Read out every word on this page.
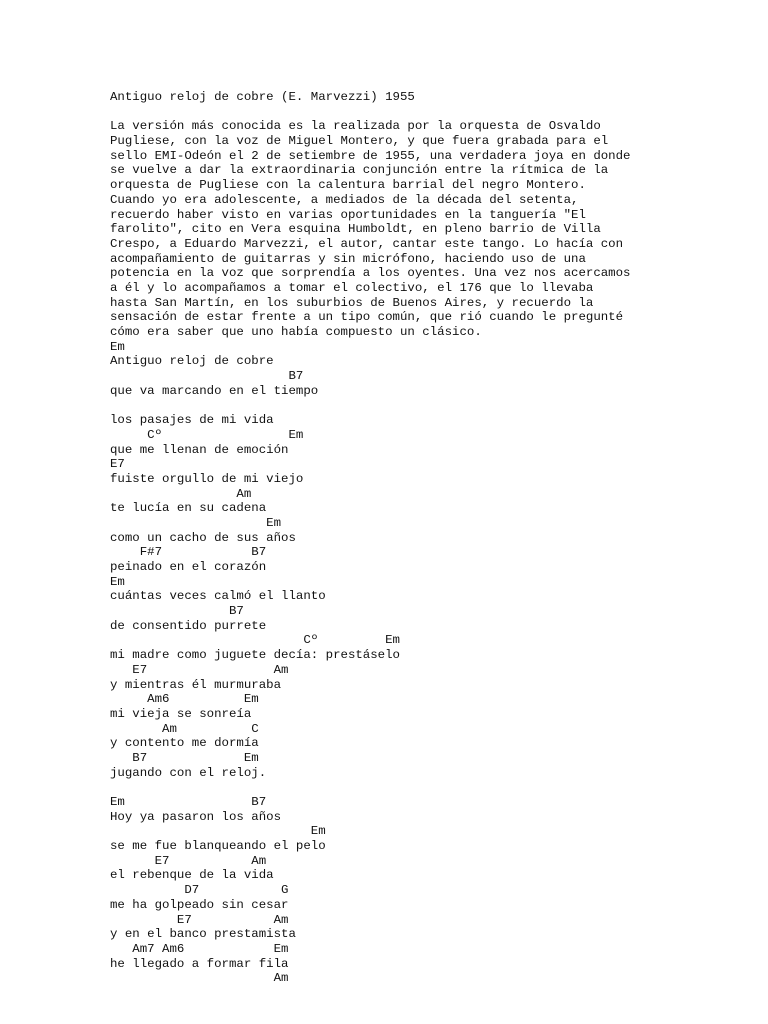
Antiguo reloj de cobre (E. Marvezzi) 1955
La versión más conocida es la realizada por la orquesta de Osvaldo
Pugliese, con la voz de Miguel Montero, y que fuera grabada para el
sello EMI-Odeón el 2 de setiembre de 1955, una verdadera joya en donde
se vuelve a dar la extraordinaria conjunción entre la rítmica de la
orquesta de Pugliese con la calentura barrial del negro Montero.
Cuando yo era adolescente, a mediados de la década del setenta,
recuerdo haber visto en varias oportunidades en la tanguería "El
farolito", cito en Vera esquina Humboldt, en pleno barrio de Villa
Crespo, a Eduardo Marvezzi, el autor, cantar este tango. Lo hacía con
acompañamiento de guitarras y sin micrófono, haciendo uso de una
potencia en la voz que sorprendía a los oyentes. Una vez nos acercamos
a él y lo acompañamos a tomar el colectivo, el 176 que lo llevaba
hasta San Martín, en los suburbios de Buenos Aires, y recuerdo la
sensación de estar frente a un tipo común, que rió cuando le pregunté
cómo era saber que uno había compuesto un clásico.
Em
Antiguo reloj de cobre
B7
que va marcando en el tiempo
los pasajes de mi vida
Cº                 Em
que me llenan de emoción
E7
fuiste orgullo de mi viejo
Am
te lucía en su cadena
Em
como un cacho de sus años
F#7            B7
peinado en el corazón
Em
cuántas veces calmó el llanto
B7
de consentido purrete
Cº         Em
mi madre como juguete decía: prestáselo
E7                 Am
y mientras él murmuraba
Am6          Em
mi vieja se sonreía
Am          C
y contento me dormía
B7             Em
jugando con el reloj.
Em                 B7
Hoy ya pasaron los años
Em
se me fue blanqueando el pelo
E7           Am
el rebenque de la vida
D7           G
me ha golpeado sin cesar
E7           Am
y en el banco prestamista
Am7 Am6            Em
he llegado a formar fila
Am
